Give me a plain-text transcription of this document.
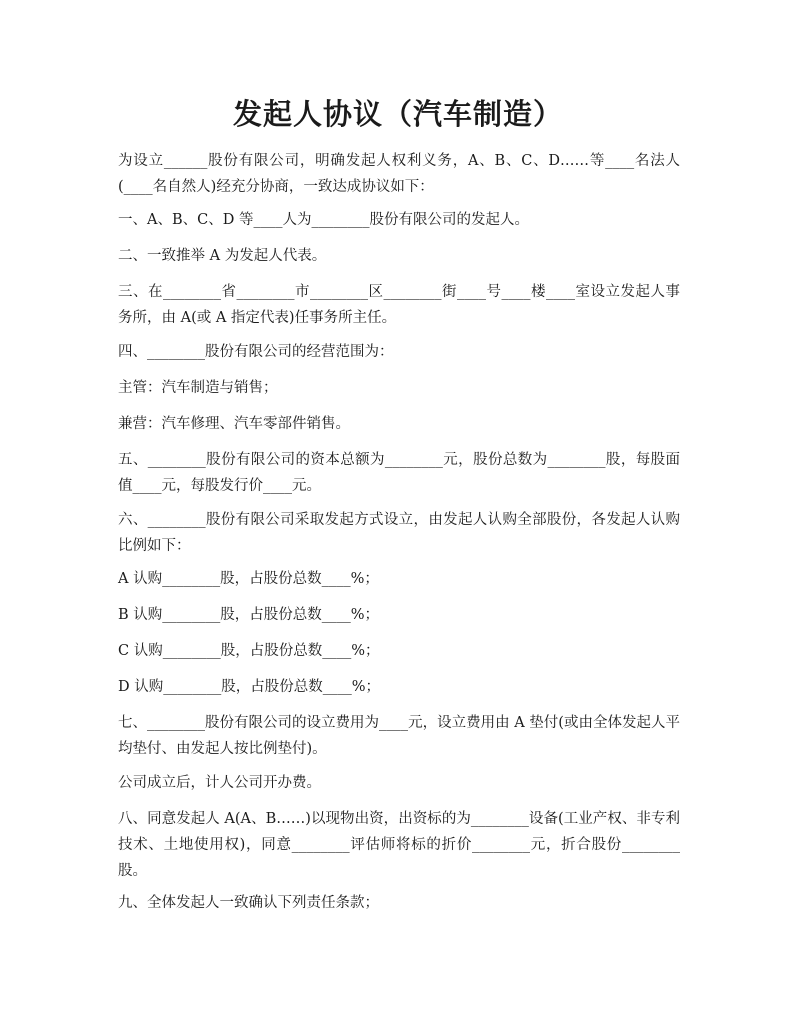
发起人协议（汽车制造）
为设立______股份有限公司，明确发起人权利义务，A、B、C、D……等____名法人(____名自然人)经充分协商，一致达成协议如下：
一、A、B、C、D 等____人为________股份有限公司的发起人。
二、一致推举 A 为发起人代表。
三、在________省________市________区________街____号____楼____室设立发起人事务所，由 A(或 A 指定代表)任事务所主任。
四、________股份有限公司的经营范围为：
主管：汽车制造与销售；
兼营：汽车修理、汽车零部件销售。
五、________股份有限公司的资本总额为________元，股份总数为________股，每股面值____元，每股发行价____元。
六、________股份有限公司采取发起方式设立，由发起人认购全部股份，各发起人认购比例如下：
A 认购________股，占股份总数____%；
B 认购________股，占股份总数____%；
C 认购________股，占股份总数____%；
D 认购________股，占股份总数____%；
七、________股份有限公司的设立费用为____元，设立费用由 A 垫付(或由全体发起人平均垫付、由发起人按比例垫付)。
公司成立后，计人公司开办费。
八、同意发起人 A(A、B……)以现物出资，出资标的为________设备(工业产权、非专利技术、土地使用权)，同意________评估师将标的折价________元，折合股份________股。
九、全体发起人一致确认下列责任条款；
